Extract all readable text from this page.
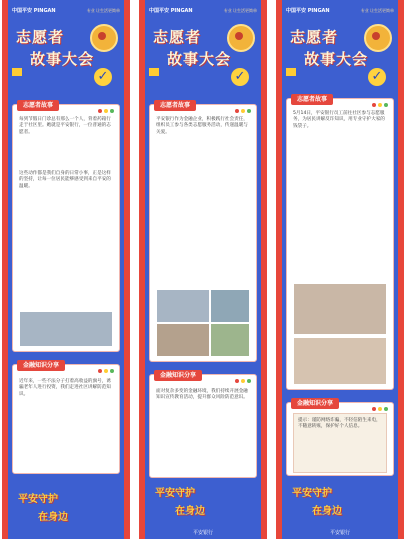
中国平安 PINGAN	专业 让生活更简单
志愿者
故事大会
✓
志愿者故事
每到节假日门诊总有那么一个人，背着药箱行走于社区里。她就是平安银行，一位普通的志愿者。
这些动作都是我们自身的日常小事，正是这样的坚持，让每一位居民能够感受到来自平安的温暖。
金融知识分享
近年来，一些不法分子打着高收益的旗号，诱骗老年人进行投资，我们走进社区讲解防范知识。
平安守护
在身边
中国平安 PINGAN	专业 让生活更简单
志愿者
故事大会
✓
志愿者故事
平安银行作为金融企业，积极践行社会责任，组织员工参与各类志愿服务活动，传递温暖与关爱。
金融知识分享
面对复杂多变的金融环境，我们持续开展金融知识宣传教育活动，提升群众风险防范意识。
平安守护
在身边
平安银行
中国平安 PINGAN	专业 让生活更简单
志愿者
故事大会
✓
志愿者故事
5月14日，平安银行员工前往社区参与志愿服务，为居民讲解反诈知识，用专业守护大家的钱袋子。
金融知识分享
提示：谨防网络诈骗，不轻信陌生来电，不随意转账，保护好个人信息。
平安守护
在身边
平安银行
